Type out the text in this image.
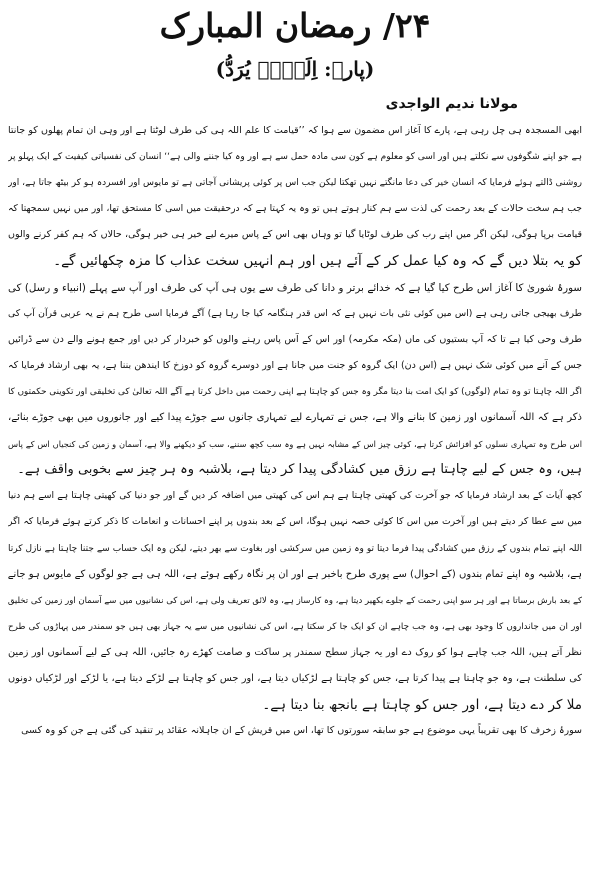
۲۴/ رمضان المبارک
(پارہ: اِلَیۡہِ یُرَدُّ)
مولانا ندیم الواجدی
ابھی المسجدہ ہی چل رہی ہے، پارے کا آغاز اس مضمون سے ہوا کہ ’’قیامت کا علم اللہ ہی کی طرف لوٹتا ہے اور وہی ان تمام پھلوں کو جانتا
ہے جو اپنے شگوفوں سے نکلتے ہیں اور اسی کو معلوم ہے کون سی مادہ حمل سے ہے اور وہ کیا جننے والی ہے‘‘ انسان کی نفسیاتی کیفیت کے ایک پہلو پر
روشنی ڈالتے ہوئے فرمایا کہ انسان خیر کی دعا مانگتے نہیں تھکتا لیکن جب اس پر کوئی پریشانی آجاتی ہے تو مایوس اور افسردہ ہو کر بیٹھ جاتا ہے، اور
جب ہم سخت حالات کے بعد رحمت کی لذت سے ہم کنار ہوتے ہیں تو وہ یہ کہتا ہے کہ درحقیقت میں اسی کا مستحق تھا، اور میں نہیں سمجھتا کہ
قیامت برپا ہوگی، لیکن اگر میں اپنے رب کی طرف لوٹایا گیا تو وہاں بھی اس کے پاس میرے لیے خیر ہی خیر ہوگی، حالاں کہ ہم کفر کرنے والوں
کو یہ بتلا دیں گے کہ وہ کیا عمل کر کے آئے ہیں اور ہم انہیں سخت عذاب کا مزہ چکھائیں گے۔
سورۂ شوریٰ کا آغاز اس طرح کیا گیا ہے کہ خدائے برتر و دانا کی طرف سے یوں ہی آپ کی طرف اور آپ سے پہلے (انبیاء و رسل) کی
طرف بھیجی جاتی رہی ہے (اس میں کوئی نئی بات نہیں ہے کہ اس قدر ہنگامہ کیا جا رہا ہے) آگے فرمایا اسی طرح ہم نے یہ عربی قرآن آپ کی
طرف وحی کیا ہے تا کہ آپ بستیوں کی ماں (مکہ مکرمہ) اور اس کے آس پاس رہنے والوں کو خبردار کر دیں اور جمع ہونے والے دن سے ڈرائیں
جس کے آنے میں کوئی شک نہیں ہے (اس دن) ایک گروہ کو جنت میں جانا ہے اور دوسرے گروہ کو دوزخ کا ایندھن بننا ہے، یہ بھی ارشاد فرمایا کہ
اگر اللہ چاہتا تو وہ تمام (لوگوں) کو ایک امت بنا دیتا مگر وہ جس کو چاہتا ہے اپنی رحمت میں داخل کرتا ہے آگے اللہ تعالیٰ کی تخلیقی اور تکوینی حکمتوں کا
ذکر ہے کہ اللہ آسمانوں اور زمین کا بنانے والا ہے، جس نے تمہارے لیے تمہاری جانوں سے جوڑے پیدا کیے اور جانوروں میں بھی جوڑے بنائے،
اس طرح وہ تمہاری نسلوں کو افزائش کرتا ہے، کوئی چیز اس کے مشابہ نہیں ہے وہ سب کچھ سننے، سب کو دیکھنے والا ہے، آسمان و زمین کی کنجیاں اس کے پاس
ہیں، وہ جس کے لیے چاہتا ہے رزق میں کشادگی پیدا کر دیتا ہے، بلاشبہ وہ ہر چیز سے بخوبی واقف ہے۔
کچھ آیات کے بعد ارشاد فرمایا کہ جو آخرت کی کھیتی چاہتا ہے ہم اس کی کھیتی میں اضافہ کر دیں گے اور جو دنیا کی کھیتی چاہتا ہے اسے ہم دنیا
میں سے عطا کر دیتے ہیں اور آخرت میں اس کا کوئی حصہ نہیں ہوگا، اس کے بعد بندوں پر اپنے احسانات و انعامات کا ذکر کرتے ہوئے فرمایا کہ اگر
اللہ اپنے تمام بندوں کے رزق میں کشادگی پیدا فرما دیتا تو وہ زمین میں سرکشی اور بغاوت سے بھر دیتے، لیکن وہ ایک حساب سے جتنا چاہتا ہے نازل کرتا
ہے، بلاشبہ وہ اپنے تمام بندوں (کے احوال) سے پوری طرح باخبر ہے اور ان پر نگاہ رکھے ہوئے ہے، اللہ ہی ہے جو لوگوں کے مایوس ہو جانے
کے بعد بارش برساتا ہے اور ہر سو اپنی رحمت کے جلوے بکھیر دیتا ہے، وہ کارساز ہے، وہ لائق تعریف ولی ہے، اس کی نشانیوں میں سے آسمان اور زمین کی تخلیق
اور ان میں جانداروں کا وجود بھی ہے، وہ جب چاہے ان کو ایک جا کر سکتا ہے، اس کی نشانیوں میں سے یہ جہاز بھی ہیں جو سمندر میں پہاڑوں کی طرح
نظر آتے ہیں، اللہ جب چاہے ہوا کو روک دے اور یہ جہاز سطح سمندر پر ساکت و صامت کھڑے رہ جائیں، اللہ ہی کے لیے آسمانوں اور زمین
کی سلطنت ہے، وہ جو چاہتا ہے پیدا کرتا ہے، جس کو چاہتا ہے لڑکیاں دیتا ہے، اور جس کو چاہتا ہے لڑکے دیتا ہے، یا لڑکے اور لڑکیاں دونوں
ملا کر دے دیتا ہے، اور جس کو چاہتا ہے بانجھ بنا دیتا ہے۔
سورۂ زخرف کا بھی تقریباً یہی موضوع ہے جو سابقہ سورتوں کا تھا، اس میں قریش کے ان جاہلانہ عقائد پر تنقید کی گئی ہے جن کو وہ کسی
